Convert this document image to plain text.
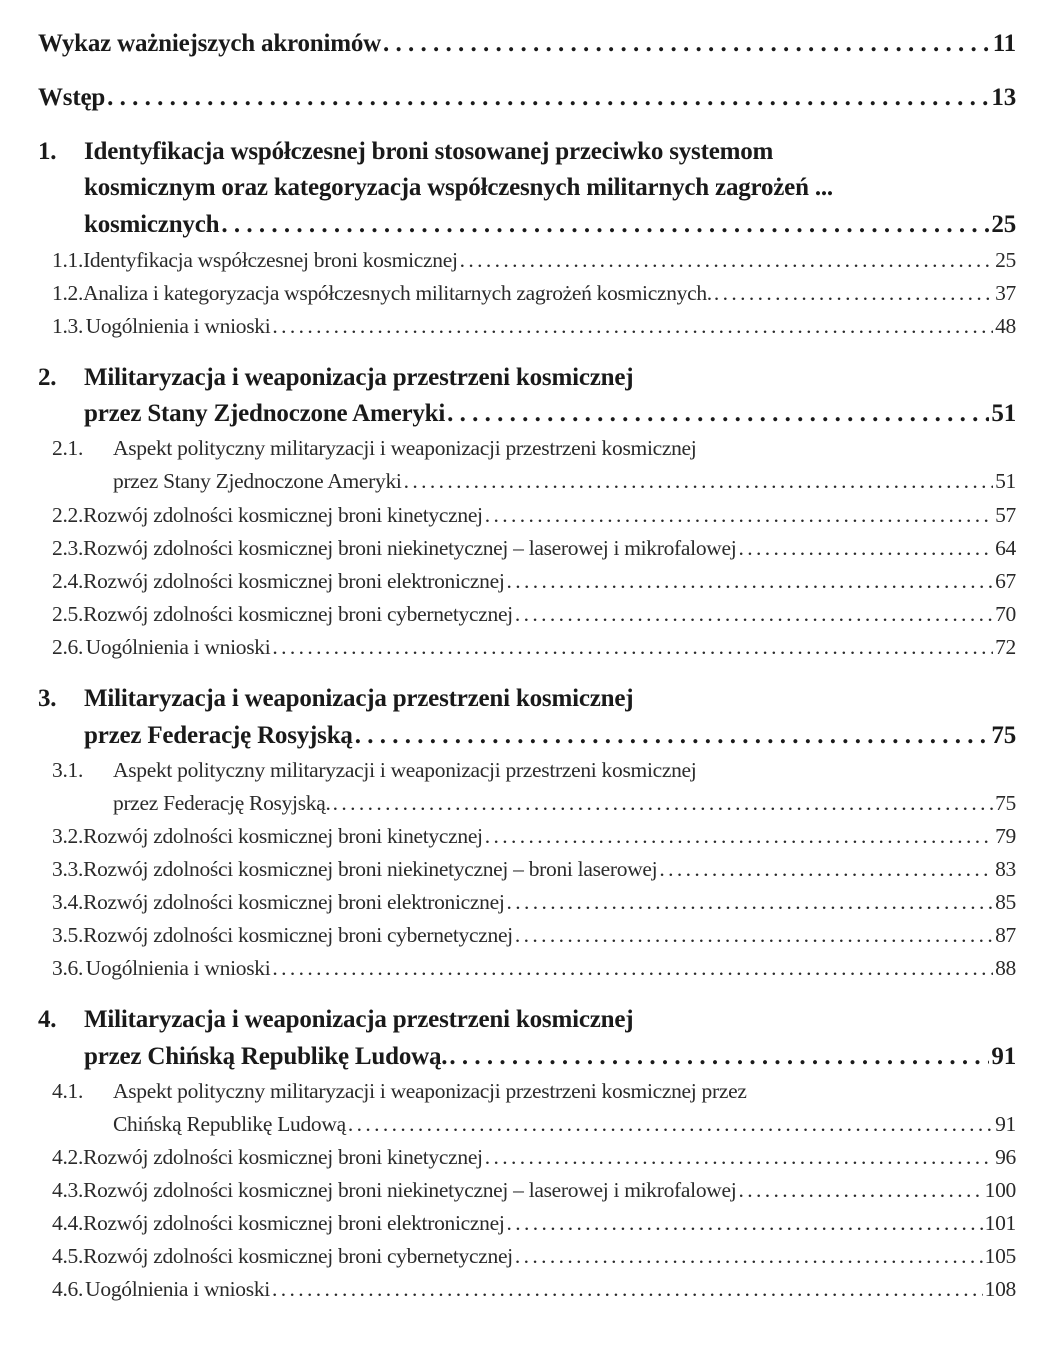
Wykaz ważniejszych akronimów . . .	11
Wstęp . . .	13
1.	Identyfikacja współczesnej broni stosowanej przeciwko systemom
kosmicznym oraz kategoryzacja współczesnych militarnych zagrożeń ...
kosmicznych . . .	25
1.1. Identyfikacja współczesnej broni kosmicznej . . .	25
1.2. Analiza i kategoryzacja współczesnych militarnych zagrożeń kosmicznych. . . .	37
1.3. Uogólnienia i wnioski . . .	48
2.	Militaryzacja i weaponizacja przestrzeni kosmicznej
przez Stany Zjednoczone Ameryki . . .	51
2.1.	Aspekt polityczny militaryzacji i weaponizacji przestrzeni kosmicznej
przez Stany Zjednoczone Ameryki . . .	51
2.2. Rozwój zdolności kosmicznej broni kinetycznej . . .	57
2.3. Rozwój zdolności kosmicznej broni niekinetycznej – laserowej i mikrofalowej . . .	64
2.4. Rozwój zdolności kosmicznej broni elektronicznej . . .	67
2.5. Rozwój zdolności kosmicznej broni cybernetycznej . . .	70
2.6. Uogólnienia i wnioski . . .	72
3.	Militaryzacja i weaponizacja przestrzeni kosmicznej
przez Federację Rosyjską . . .	75
3.1.	Aspekt polityczny militaryzacji i weaponizacji przestrzeni kosmicznej
przez Federację Rosyjską. . . .	75
3.2. Rozwój zdolności kosmicznej broni kinetycznej . . .	79
3.3. Rozwój zdolności kosmicznej broni niekinetycznej – broni laserowej . . .	83
3.4. Rozwój zdolności kosmicznej broni elektronicznej . . .	85
3.5. Rozwój zdolności kosmicznej broni cybernetycznej . . .	87
3.6. Uogólnienia i wnioski . . .	88
4.	Militaryzacja i weaponizacja przestrzeni kosmicznej
przez Chińską Republikę Ludową. . . .	91
4.1.	Aspekt polityczny militaryzacji i weaponizacji przestrzeni kosmicznej przez
Chińską Republikę Ludową . . .	91
4.2. Rozwój zdolności kosmicznej broni kinetycznej . . .	96
4.3. Rozwój zdolności kosmicznej broni niekinetycznej – laserowej i mikrofalowej . . .	100
4.4. Rozwój zdolności kosmicznej broni elektronicznej . . .	101
4.5. Rozwój zdolności kosmicznej broni cybernetycznej . . .	105
4.6. Uogólnienia i wnioski . . .	108
